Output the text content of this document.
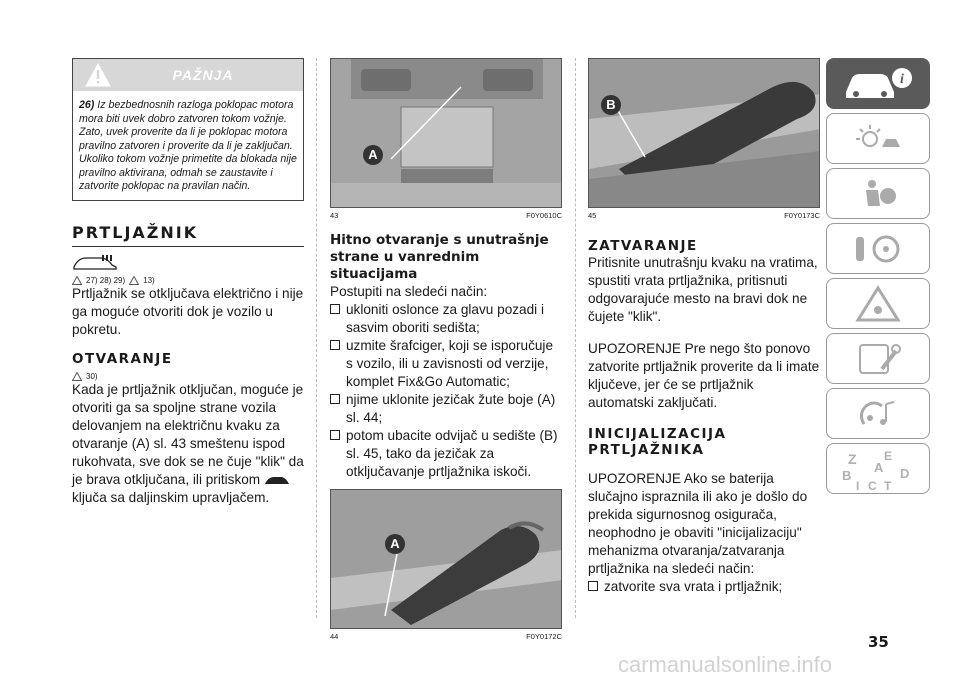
PAŽNJA
26) Iz bezbednosnih razloga poklopac motora mora biti uvek dobro zatvoren tokom vožnje. Zato, uvek proverite da li je poklopac motora pravilno zatvoren i proverite da li je zaključan. Ukoliko tokom vožnje primetite da blokada nije pravilno aktivirana, odmah se zaustavite i zatvorite poklopac na pravilan način.
PRTLJAŽNIK
27) 28) 29) 13)

Prtljažnik se otključava električno i nije ga moguće otvoriti dok je vozilo u pokretu.

OTVARANJE
30)

Kada je prtljažnik otključan, moguće je otvoriti ga sa spoljne strane vozila delovanjem na električnu kvaku za otvaranje (A) sl. 43 smeštenu ispod rukohvata, sve dok se ne čuje "klik" da je brava otključana, ili pritiskom  ključa sa daljinskim upravljačem.

A
43	F0Y0610C
Hitno otvaranje s unutrašnje strane u vanrednim situacijama

Postupiti na sledeći način:

ukloniti oslonce za glavu pozadi i sasvim oboriti sedišta;
uzmite šrafciger, koji se isporučuje s vozilo, ili u zavisnosti od verzije, komplet Fix&Go Automatic;
njime uklonite jezičak žute boje (A) sl. 44;
potom ubacite odvijač u sedište (B) sl. 45, tako da jezičak za otključavanje prtljažnika iskoči.
A
44	F0Y0172C
B
45	F0Y0173C
ZATVARANJE

Pritisnite unutrašnju kvaku na vratima, spustiti vrata prtljažnika, pritisnuti odgovarajuće mesto na bravi dok ne čujete "klik".

UPOZORENJE Pre nego što ponovo zatvorite prtljažnik proverite da li imate ključeve, jer će se prtljažnik automatski zaključati.

INICIJALIZACIJA
PRTLJAŽNIKA

UPOZORENJE Ako se baterija slučajno ispraznila ili ako je došlo do prekida sigurnosnog osigurača, neophodno je obaviti "inicijalizaciju" mehanizma otvaranja/zatvaranja prtljažnika na sledeći način:

zatvorite sva vrata i prtljažnik;
i
Z E
A
B	D
I C T
35
carmanualsonline.info
